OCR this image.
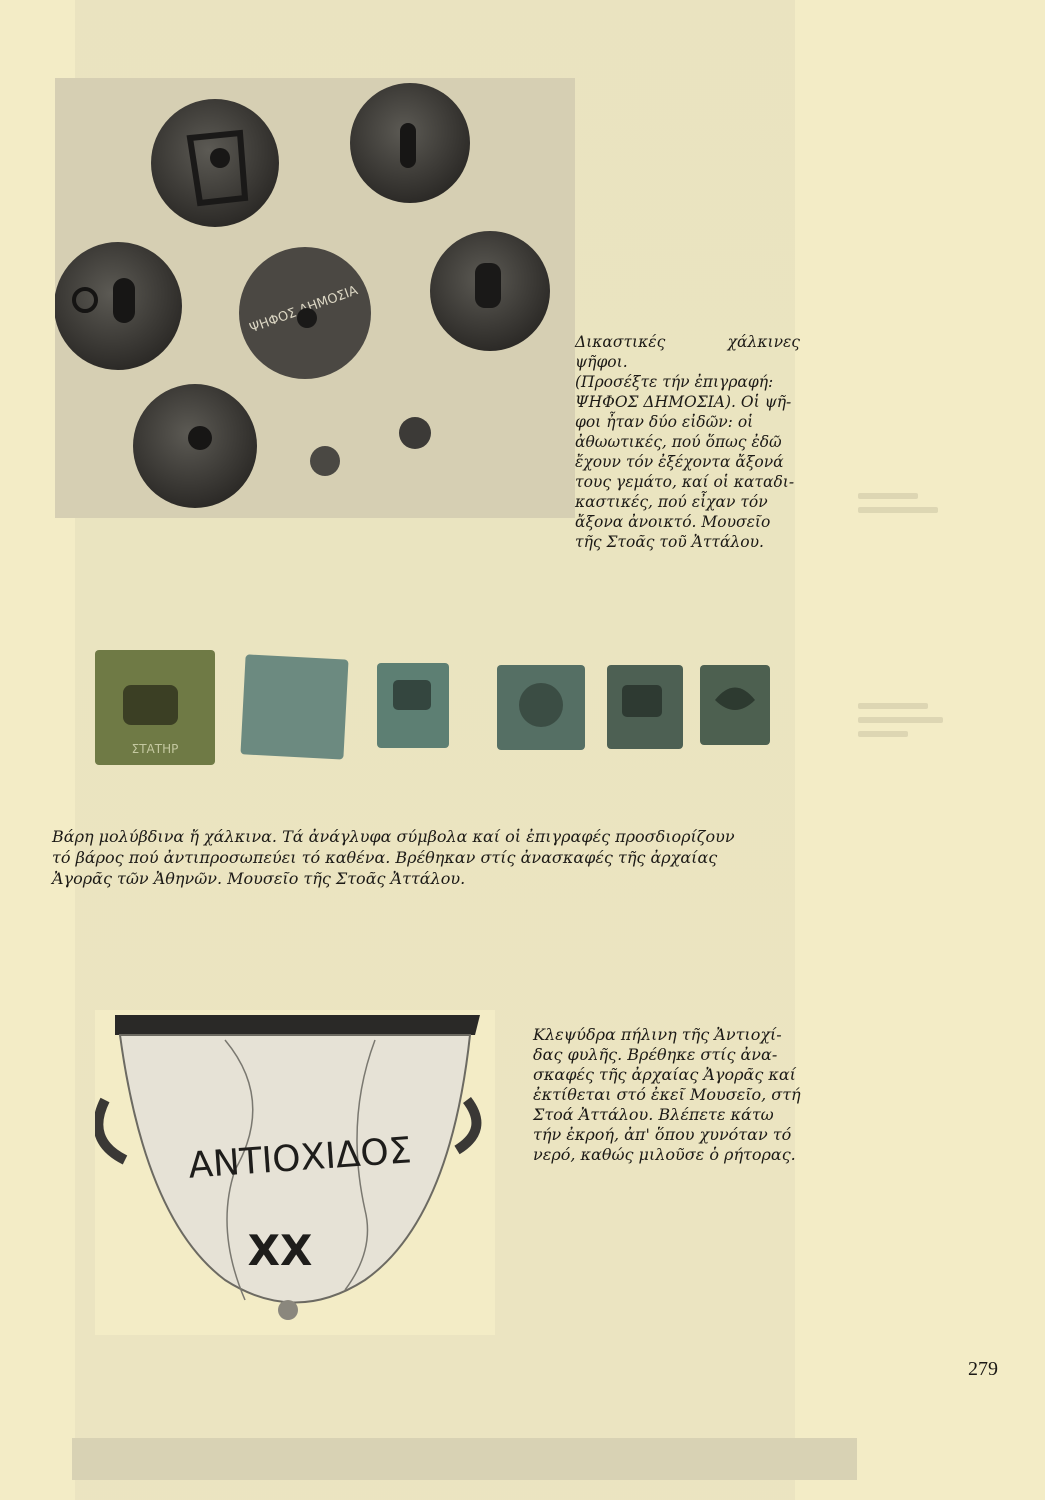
ΨΗΦΟΣ ΔΗΜΟΣΙΑ
Δικαστικές χάλκινες ψῆφοι.
(Προσέξτε τήν ἐπιγραφή:
ΨΗΦΟΣ ΔΗΜΟΣΙΑ). Οἱ ψῆ-
φοι ἦταν δύο εἰδῶν: οἱ
ἀθωωτικές, πού ὅπως ἐδῶ
ἔχουν τόν ἐξέχοντα ἄξονά
τους γεμάτο, καί οἱ καταδι-
καστικές, πού εἶχαν τόν
ἄξονα ἀνοικτό. Μουσεῖο
τῆς Στοᾶς τοῦ Ἀττάλου.
ΣΤΑΤΗΡ
Βάρη μολύβδινα ἤ χάλκινα. Τά ἀνάγλυφα σύμβολα καί οἱ ἐπιγραφές προσδιορίζουν
τό βάρος πού ἀντιπροσωπεύει τό καθένα. Βρέθηκαν στίς ἀνασκαφές τῆς ἀρχαίας
Ἀγορᾶς τῶν Ἀθηνῶν. Μουσεῖο τῆς Στοᾶς Ἀττάλου.
ΑΝΤΙΟΧΙΔΟΣ
XX
Κλεψύδρα πήλινη τῆς Ἀντιοχί-
δας φυλῆς. Βρέθηκε στίς ἀνα-
σκαφές τῆς ἀρχαίας Ἀγορᾶς καί
ἐκτίθεται στό ἐκεῖ Μουσεῖο, στή
Στοά Ἀττάλου. Βλέπετε κάτω
τήν ἐκροή, ἀπ' ὅπου χυνόταν τό
νερό, καθώς μιλοῦσε ὁ ρήτορας.
279
